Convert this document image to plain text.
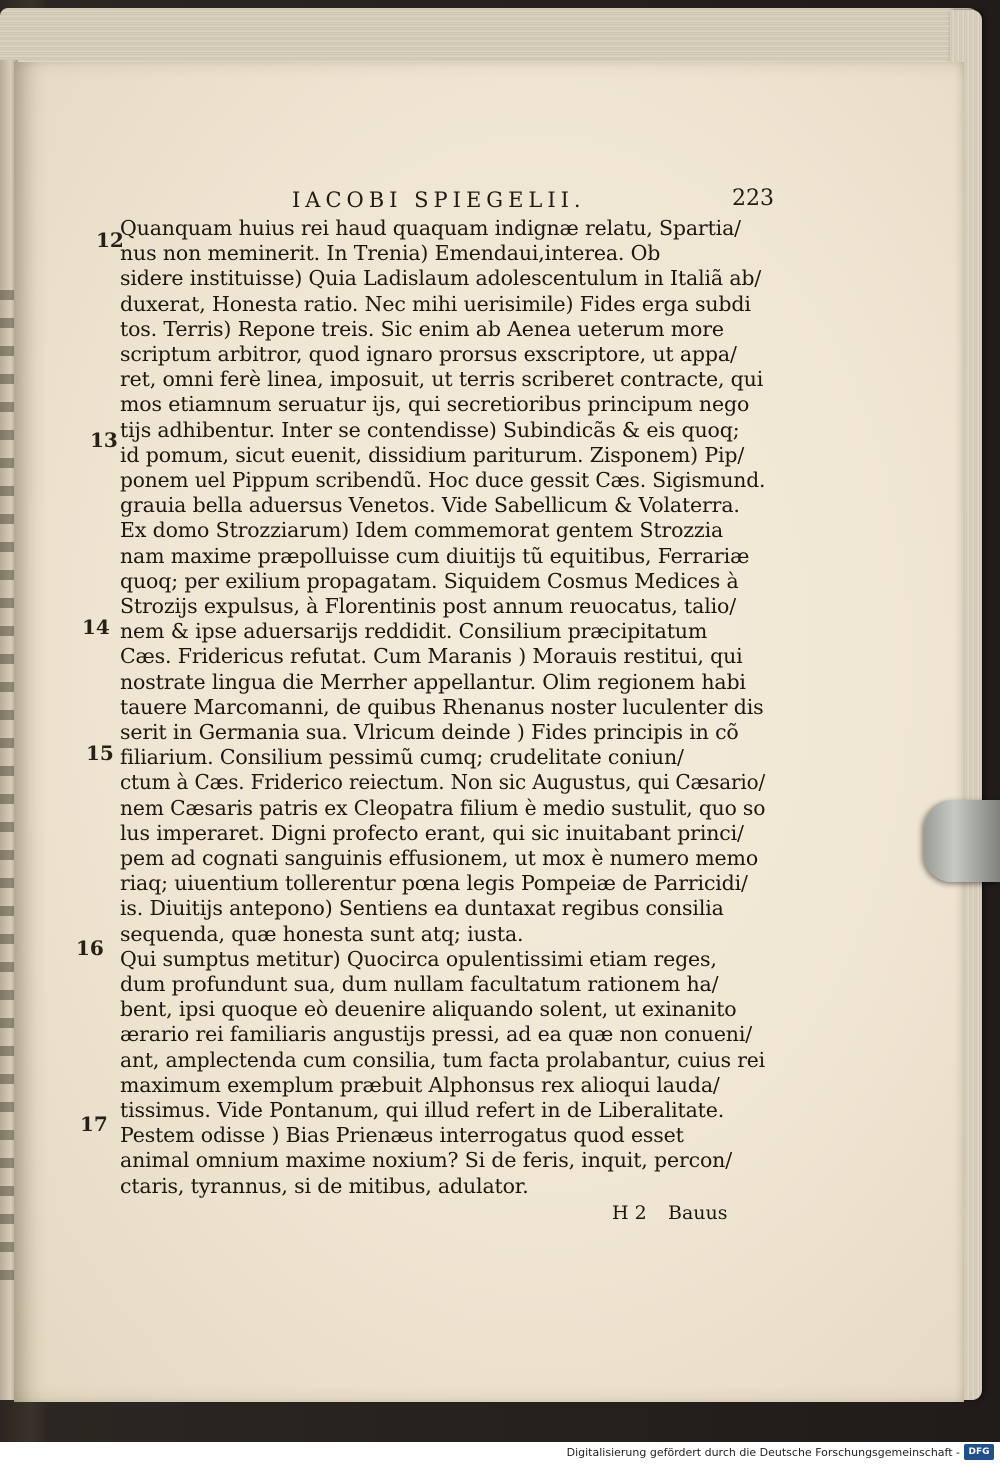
IACOBI SPIEGELII.	223
Quanquam huius rei haud quaquam indignæ relatu, Spartia/
nus non meminerit. In Trenia) Emendaui,interea. Ob
sidere instituisse) Quia Ladislaum adolescentulum in Italiã ab/
duxerat, Honesta ratio. Nec mihi uerisimile) Fides erga subdi
tos. Terris) Repone treis. Sic enim ab Aenea ueterum more
scriptum arbitror, quod ignaro prorsus exscriptore, ut appa/
ret, omni ferè linea, imposuit, ut terris scriberet contracte, qui
mos etiamnum seruatur ijs, qui secretioribus principum nego
tijs adhibentur. Inter se contendisse) Subindicãs & eis quoq;
id pomum, sicut euenit, dissidium pariturum. Zisponem) Pip/
ponem uel Pippum scribendũ. Hoc duce gessit Cæs. Sigismund.
grauia bella aduersus Venetos. Vide Sabellicum & Volaterra.
Ex domo Strozziarum) Idem commemorat gentem Strozzia
nam maxime præpolluisse cum diuitijs tũ equitibus, Ferrariæ
quoq; per exilium propagatam. Siquidem Cosmus Medices à
Strozijs expulsus, à Florentinis post annum reuocatus, talio/
nem & ipse aduersarijs reddidit. Consilium præcipitatum
Cæs. Fridericus refutat. Cum Maranis ) Morauis restitui, qui
nostrate lingua die Merrher appellantur. Olim regionem habi
tauere Marcomanni, de quibus Rhenanus noster luculenter dis
serit in Germania sua. Vlricum deinde ) Fides principis in cõ
filiarium. Consilium pessimũ cumq; crudelitate coniun/
ctum à Cæs. Friderico reiectum. Non sic Augustus, qui Cæsario/
nem Cæsaris patris ex Cleopatra filium è medio sustulit, quo so
lus imperaret. Digni profecto erant, qui sic inuitabant princi/
pem ad cognati sanguinis effusionem, ut mox è numero memo
riaq; uiuentium tollerentur pœna legis Pompeiæ de Parricidi/
is. Diuitijs antepono) Sentiens ea duntaxat regibus consilia
sequenda, quæ honesta sunt atq; iusta.
Qui sumptus metitur) Quocirca opulentissimi etiam reges,
dum profundunt sua, dum nullam facultatum rationem ha/
bent, ipsi quoque eò deuenire aliquando solent, ut exinanito
ærario rei familiaris angustijs pressi, ad ea quæ non conueni/
ant, amplectenda cum consilia, tum facta prolabantur, cuius rei
maximum exemplum præbuit Alphonsus rex alioqui lauda/
tissimus. Vide Pontanum, qui illud refert in de Liberalitate.
Pestem odisse ) Bias Prienæus interrogatus quod esset
animal omnium maxime noxium? Si de feris, inquit, percon/
ctaris, tyrannus, si de mitibus, adulator.
12
13
14
15
16
17
H 2 Bauus
Digitalisierung gefördert durch die Deutsche Forschungsgemeinschaft - DFG
